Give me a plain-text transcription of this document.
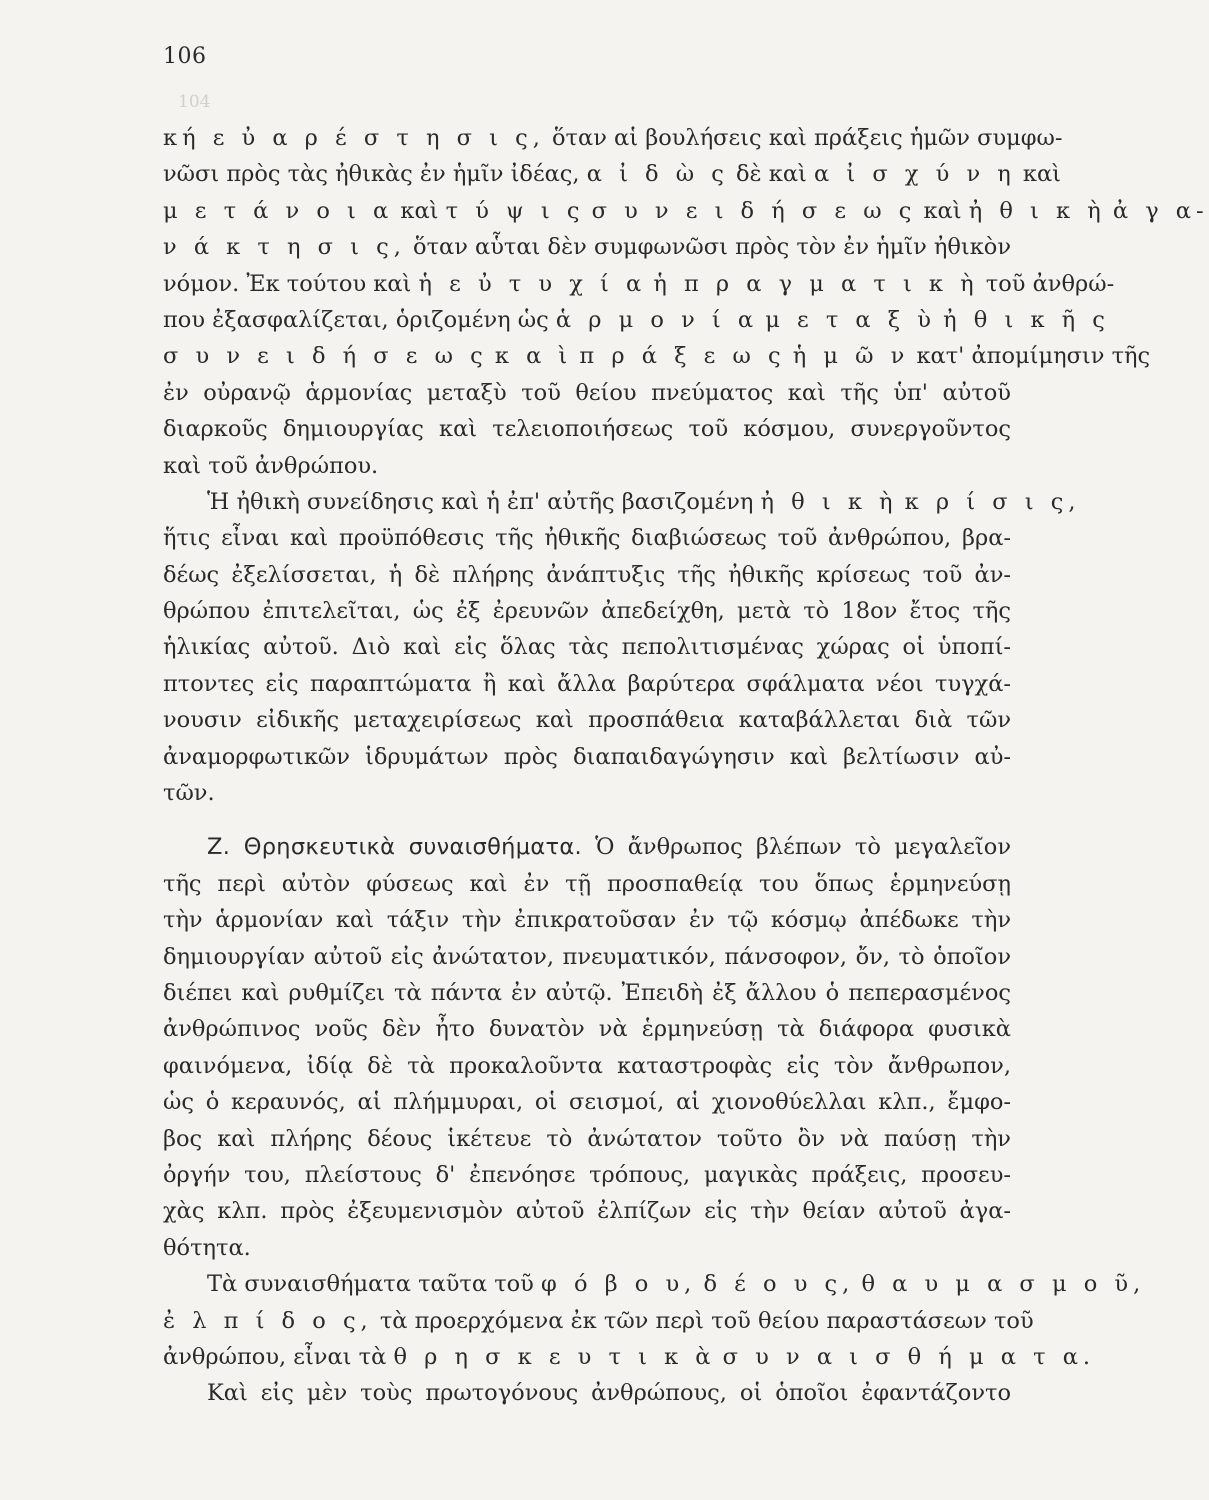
106
104
κή ε ὐ α ρ έ σ τ η σ ι ς, ὅταν αἱ βουλήσεις καὶ πράξεις ἡμῶν συμφω-
νῶσι πρὸς τὰς ἠθικὰς ἐν ἡμῖν ἰδέας, α ἰ δ ὼ ς δὲ καὶ α ἰ σ χ ύ ν η καὶ
μ ε τ ά ν ο ι α καὶ τ ύ ψ ι ς σ υ ν ε ι δ ή σ ε ω ς καὶ ἠ θ ι κ ὴ ἀ γ α-
ν ά κ τ η σ ι ς, ὅταν αὗται δὲν συμφωνῶσι πρὸς τὸν ἐν ἡμῖν ἠθικὸν
νόμον. Ἐκ τούτου καὶ ἡ ε ὐ τ υ χ ί α ἡ π ρ α γ μ α τ ι κ ὴ τοῦ ἀνθρώ-
που ἐξασφαλίζεται, ὁριζομένη ὡς ἁ ρ μ ο ν ί α μ ε τ α ξ ὺ ἠ θ ι κ ῆ ς
σ υ ν ε ι δ ή σ ε ω ς κ α ὶ π ρ ά ξ ε ω ς ἡ μ ῶ ν κατ' ἀπομίμησιν τῆς
ἐν οὐρανῷ ἁρμονίας μεταξὺ τοῦ θείου πνεύματος καὶ τῆς ὑπ' αὐτοῦ
διαρκοῦς δημιουργίας καὶ τελειοποιήσεως τοῦ κόσμου, συνεργοῦντος
καὶ τοῦ ἀνθρώπου.
Ἡ ἠθικὴ συνείδησις καὶ ἡ ἐπ' αὐτῆς βασιζομένη ἠ θ ι κ ὴ κ ρ ί σ ι ς,
ἥτις εἶναι καὶ προϋπόθεσις τῆς ἠθικῆς διαβιώσεως τοῦ ἀνθρώπου, βρα-
δέως ἐξελίσσεται, ἡ δὲ πλήρης ἀνάπτυξις τῆς ἠθικῆς κρίσεως τοῦ ἀν-
θρώπου ἐπιτελεῖται, ὡς ἐξ ἐρευνῶν ἀπεδείχθη, μετὰ τὸ 18ον ἔτος τῆς
ἡλικίας αὐτοῦ. Διὸ καὶ εἰς ὅλας τὰς πεπολιτισμένας χώρας οἱ ὑποπί-
πτοντες εἰς παραπτώματα ἢ καὶ ἄλλα βαρύτερα σφάλματα νέοι τυγχά-
νουσιν εἰδικῆς μεταχειρίσεως καὶ προσπάθεια καταβάλλεται διὰ τῶν
ἀναμορφωτικῶν ἱδρυμάτων πρὸς διαπαιδαγώγησιν καὶ βελτίωσιν αὐ-
τῶν.
Ζ. Θρησκευτικὰ συναισθήματα. Ὁ ἄνθρωπος βλέπων τὸ μεγαλεῖον
τῆς περὶ αὐτὸν φύσεως καὶ ἐν τῇ προσπαθείᾳ του ὅπως ἑρμηνεύσῃ
τὴν ἁρμονίαν καὶ τάξιν τὴν ἐπικρατοῦσαν ἐν τῷ κόσμῳ ἀπέδωκε τὴν
δημιουργίαν αὐτοῦ εἰς ἀνώτατον, πνευματικόν, πάνσοφον, ὄν, τὸ ὁποῖον
διέπει καὶ ρυθμίζει τὰ πάντα ἐν αὐτῷ. Ἐπειδὴ ἐξ ἄλλου ὁ πεπερασμένος
ἀνθρώπινος νοῦς δὲν ἦτο δυνατὸν νὰ ἑρμηνεύσῃ τὰ διάφορα φυσικὰ
φαινόμενα, ἰδίᾳ δὲ τὰ προκαλοῦντα καταστροφὰς εἰς τὸν ἄνθρωπον,
ὡς ὁ κεραυνός, αἱ πλήμμυραι, οἱ σεισμοί, αἱ χιονοθύελλαι κλπ., ἔμφο-
βος καὶ πλήρης δέους ἱκέτευε τὸ ἀνώτατον τοῦτο ὂν νὰ παύσῃ τὴν
ὀργήν του, πλείστους δ' ἐπενόησε τρόπους, μαγικὰς πράξεις, προσευ-
χὰς κλπ. πρὸς ἐξευμενισμὸν αὐτοῦ ἐλπίζων εἰς τὴν θείαν αὐτοῦ ἀγα-
θότητα.
Τὰ συναισθήματα ταῦτα τοῦ φ ό β ο υ, δ έ ο υ ς, θ α υ μ α σ μ ο ῦ,
ἐ λ π ί δ ο ς, τὰ προερχόμενα ἐκ τῶν περὶ τοῦ θείου παραστάσεων τοῦ
ἀνθρώπου, εἶναι τὰ θ ρ η σ κ ε υ τ ι κ ὰ σ υ ν α ι σ θ ή μ α τ α.
Καὶ εἰς μὲν τοὺς πρωτογόνους ἀνθρώπους, οἱ ὁποῖοι ἐφαντάζοντο
